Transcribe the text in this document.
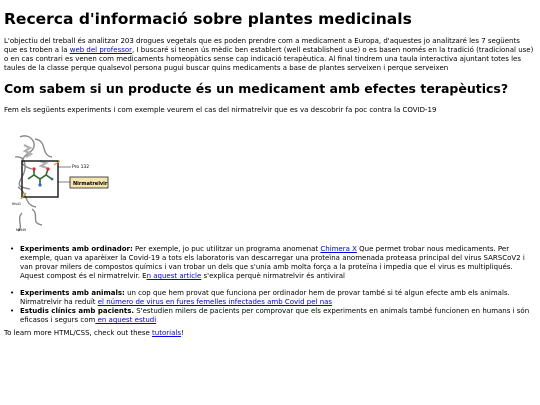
Recerca d'informació sobre plantes medicinals

L'objectiu del treball és analitzar 203 drogues vegetals que es poden prendre com a medicament a Europa, d'aquestes jo analitzaré les 7 següents que es troben a la web del professor, I buscaré si tenen ús mèdic ben establert (well established use) o es basen només en la tradició (tradicional use) o en cas contrari es venen com medicaments homeopàtics sense cap indicació terapèutica. Al final tindrem una taula interactiva ajuntant totes les taules de la classe perque qualsevol persona pugui buscar quins medicaments a base de plantes serveixen i perque serveixen

Com sabem si un producte és un medicament amb efectes terapèutics?

Fem els següents experiments i com exemple veurem el cas del nirmatrelvir que es va descobrir fa poc contra la COVID-19

Pro 132
Nirmatrelvir
His41
Met49
• Experiments amb ordinador: Per exemple, jo puc utilitzar un programa anomenat Chimera X Que permet trobar nous medicaments. Per exemple, quan va aparèixer la Covid-19 a tots els laboratoris van descarregar una proteïna anomenada proteasa principal del virus SARSCoV2 i van provar milers de compostos químics i van trobar un dels que s'unia amb molta força a la proteïna i impedia que el virus es multipliqués. Aquest compost és el nirmatrelvir. En aquest article s'explica perquè nirmatrelvir és antiviral
• Experiments amb animals: un cop que hem provat que funciona per ordinador hem de provar també si té algun efecte amb els animals. Nirmatrelvir ha reduït el número de virus en fures femelles infectades amb Covid pel nas
• Estudis clínics amb pacients. S'estudien milers de pacients per comprovar que els experiments en animals també funcionen en humans i són eficasos i segurs com en aquest estudi

To learn more HTML/CSS, check out these tutorials!
